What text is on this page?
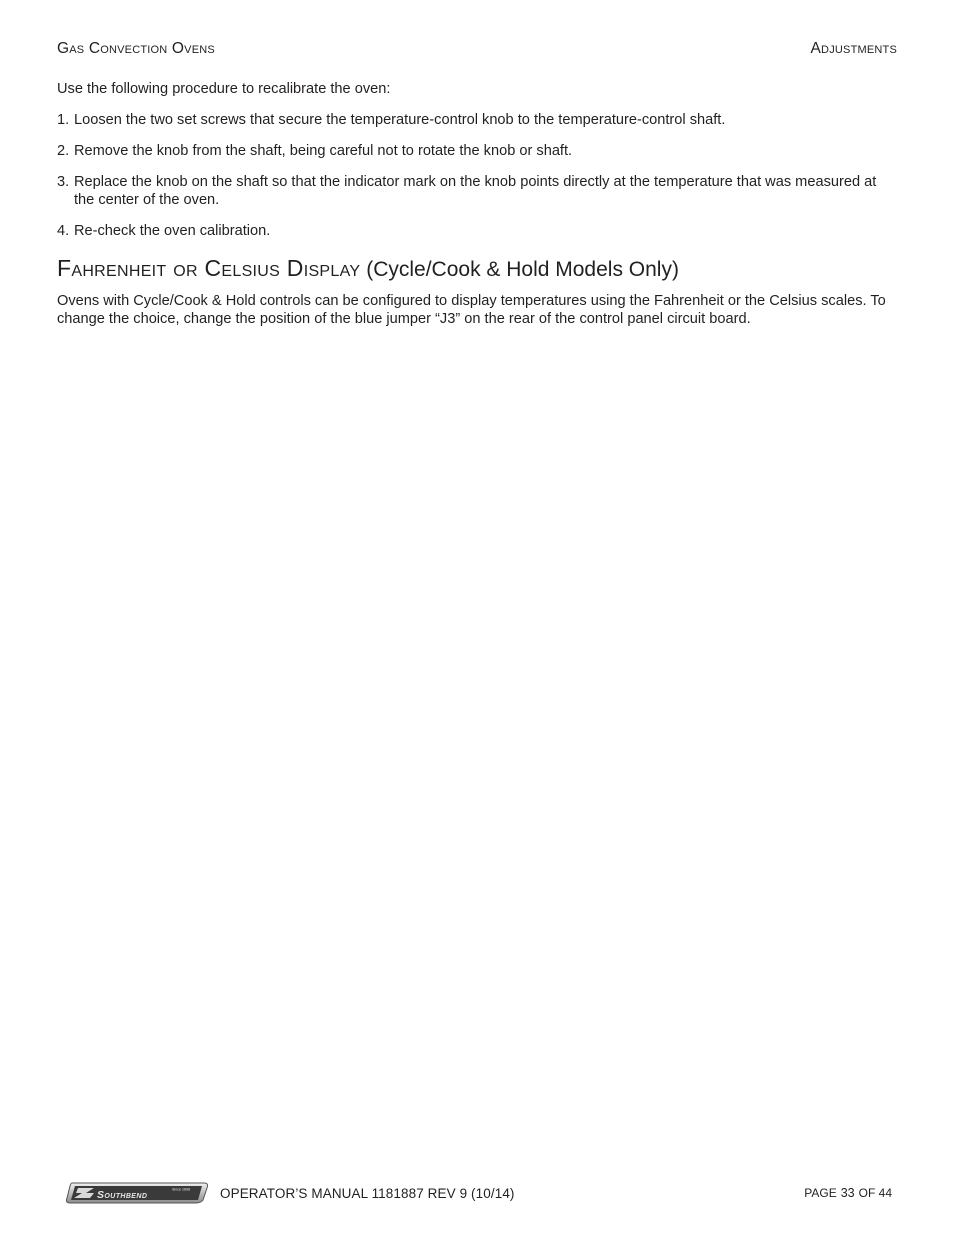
Gas Convection Ovens	Adjustments

Use the following procedure to recalibrate the oven:

1. Loosen the two set screws that secure the temperature-control knob to the temperature-control shaft.
2. Remove the knob from the shaft, being careful not to rotate the knob or shaft.
3. Replace the knob on the shaft so that the indicator mark on the knob points directly at the temperature that was measured at the center of the oven.
4. Re-check the oven calibration.
Fahrenheit or Celsius Display (Cycle/Cook & Hold Models Only)

Ovens with Cycle/Cook & Hold controls can be configured to display temperatures using the Fahrenheit or the Celsius scales. To change the choice, change the position of the blue jumper “J3” on the rear of the control panel circuit board.

Southbend	Since 1898 OPERATOR’S MANUAL 1181887 REV 9 (10/14)	PAGE 33 OF 44
